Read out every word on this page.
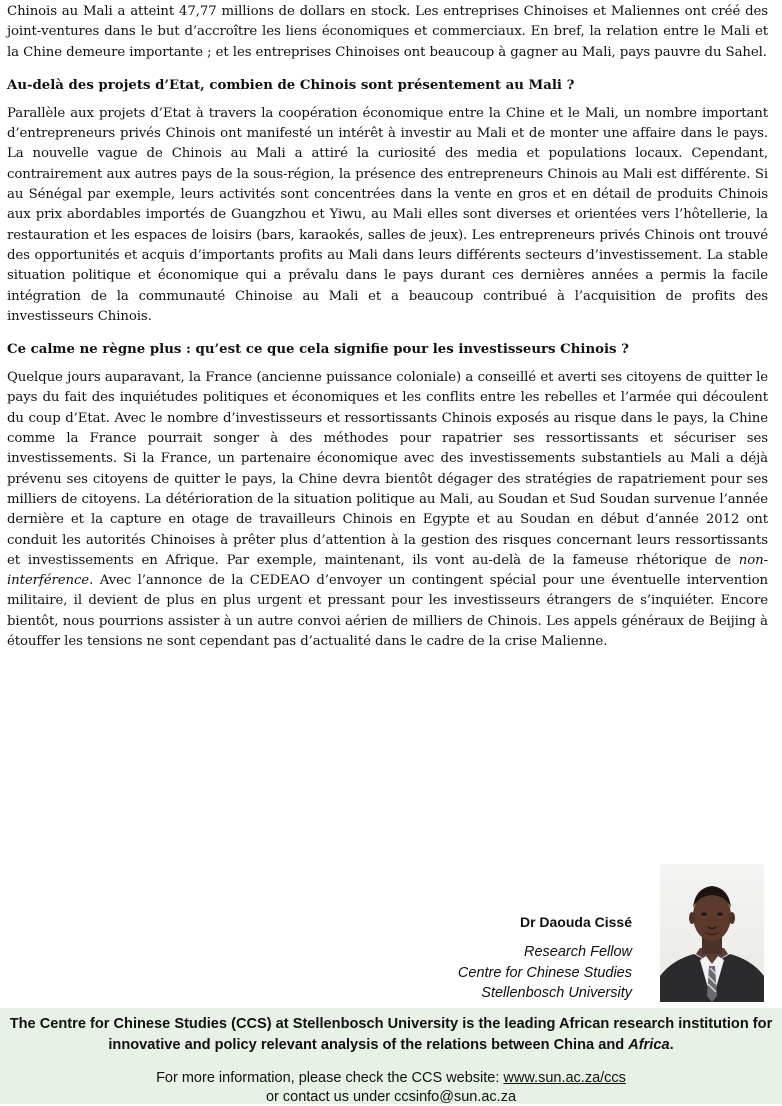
Chinois au Mali a atteint 47,77 millions de dollars en stock. Les entreprises Chinoises et Maliennes ont créé des joint-ventures dans le but d’accroître les liens économiques et commerciaux. En bref, la relation entre le Mali et la Chine demeure importante ; et les entreprises Chinoises ont beaucoup à gagner au Mali, pays pauvre du Sahel.

Au-delà des projets d’Etat, combien de Chinois sont présentement au Mali ?

Parallèle aux projets d’Etat à travers la coopération économique entre la Chine et le Mali, un nombre important d’entrepreneurs privés Chinois ont manifesté un intérêt à investir au Mali et de monter une affaire dans le pays. La nouvelle vague de Chinois au Mali a attiré la curiosité des media et populations locaux. Cependant, contrairement aux autres pays de la sous-région, la présence des entrepreneurs Chinois au Mali est différente. Si au Sénégal par exemple, leurs activités sont concentrées dans la vente en gros et en détail de produits Chinois aux prix abordables importés de Guangzhou et Yiwu, au Mali elles sont diverses et orientées vers l’hôtellerie, la restauration et les espaces de loisirs (bars, karaokés, salles de jeux). Les entrepreneurs privés Chinois ont trouvé des opportunités et acquis d’importants profits au Mali dans leurs différents secteurs d’investissement. La stable situation politique et économique qui a prévalu dans le pays durant ces dernières années a permis la facile intégration de la communauté Chinoise au Mali et a beaucoup contribué à l’acquisition de profits des investisseurs Chinois.

Ce calme ne règne plus : qu’est ce que cela signifie pour les investisseurs Chinois ?

Quelque jours auparavant, la France (ancienne puissance coloniale) a conseillé et averti ses citoyens de quitter le pays du fait des inquiétudes politiques et économiques et les conflits entre les rebelles et l’armée qui découlent du coup d’Etat. Avec le nombre d’investisseurs et ressortissants Chinois exposés au risque dans le pays, la Chine comme la France pourrait songer à des méthodes pour rapatrier ses ressortissants et sécuriser ses investissements. Si la France, un partenaire économique avec des investissements substantiels au Mali a déjà prévenu ses citoyens de quitter le pays, la Chine devra bientôt dégager des stratégies de rapatriement pour ses milliers de citoyens. La détérioration de la situation politique au Mali, au Soudan et Sud Soudan survenue l’année dernière et la capture en otage de travailleurs Chinois en Egypte et au Soudan en début d’année 2012 ont conduit les autorités Chinoises à prêter plus d’attention à la gestion des risques concernant leurs ressortissants et investissements en Afrique. Par exemple, maintenant, ils vont au-delà de la fameuse rhétorique de non-interférence. Avec l’annonce de la CEDEAO d’envoyer un contingent spécial pour une éventuelle intervention militaire, il devient de plus en plus urgent et pressant pour les investisseurs étrangers de s’inquiéter. Encore bientôt, nous pourrions assister à un autre convoi aérien de milliers de Chinois. Les appels généraux de Beijing à étouffer les tensions ne sont cependant pas d’actualité dans le cadre de la crise Malienne.

Dr Daouda Cissé

Research Fellow

Centre for Chinese Studies

Stellenbosch University

The Centre for Chinese Studies (CCS) at Stellenbosch University is the leading African research institution for innovative and policy relevant analysis of the relations between China and Africa.

For more information, please check the CCS website: www.sun.ac.za/ccs

or contact us under ccsinfo@sun.ac.za
